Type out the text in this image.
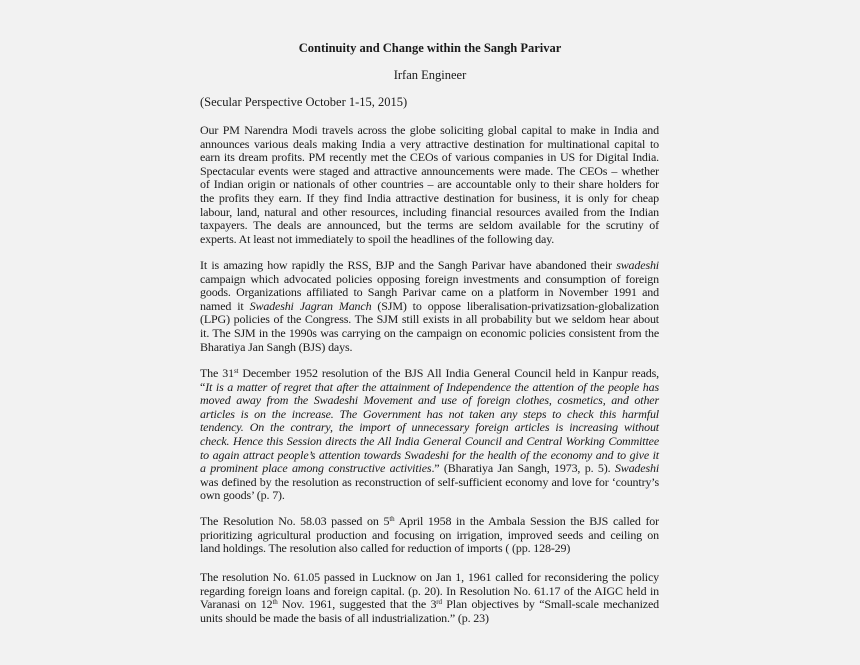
Continuity and Change within the Sangh Parivar
Irfan Engineer
(Secular Perspective October 1-15, 2015)
Our PM Narendra Modi travels across the globe soliciting global capital to make in India and
announces various deals making India a very attractive destination for multinational capital to
earn its dream profits. PM recently met the CEOs of various companies in US for Digital India.
Spectacular events were staged and attractive announcements were made. The CEOs – whether
of Indian origin or nationals of other countries – are accountable only to their share holders for
the profits they earn. If they find India attractive destination for business, it is only for cheap
labour, land, natural and other resources, including financial resources availed from the Indian
taxpayers. The deals are announced, but the terms are seldom available for the scrutiny of
experts. At least not immediately to spoil the headlines of the following day.
It is amazing how rapidly the RSS, BJP and the Sangh Parivar have abandoned their swadeshi
campaign which advocated policies opposing foreign investments and consumption of foreign
goods. Organizations affiliated to Sangh Parivar came on a platform in November 1991 and
named it Swadeshi Jagran Manch (SJM) to oppose liberalisation-privatizsation-globalization
(LPG) policies of the Congress. The SJM still exists in all probability but we seldom hear about
it. The SJM in the 1990s was carrying on the campaign on economic policies consistent from the
Bharatiya Jan Sangh (BJS) days.
The 31st December 1952 resolution of the BJS All India General Council held in Kanpur reads,
“It is a matter of regret that after the attainment of Independence the attention of the people has
moved away from the Swadeshi Movement and use of foreign clothes, cosmetics, and other
articles is on the increase. The Government has not taken any steps to check this harmful
tendency. On the contrary, the import of unnecessary foreign articles is increasing without
check. Hence this Session directs the All India General Council and Central Working Committee
to again attract people’s attention towards Swadeshi for the health of the economy and to give it
a prominent place among constructive activities.” (Bharatiya Jan Sangh, 1973, p. 5). Swadeshi
was defined by the resolution as reconstruction of self-sufficient economy and love for ‘country’s
own goods’ (p. 7).
The Resolution No. 58.03 passed on 5th April 1958 in the Ambala Session the BJS called for
prioritizing agricultural production and focusing on irrigation, improved seeds and ceiling on
land holdings. The resolution also called for reduction of imports ( (pp. 128-29)
The resolution No. 61.05 passed in Lucknow on Jan 1, 1961 called for reconsidering the policy
regarding foreign loans and foreign capital. (p. 20). In Resolution No. 61.17 of the AIGC held in
Varanasi on 12th Nov. 1961, suggested that the 3rd Plan objectives by “Small-scale mechanized
units should be made the basis of all industrialization.” (p. 23)
